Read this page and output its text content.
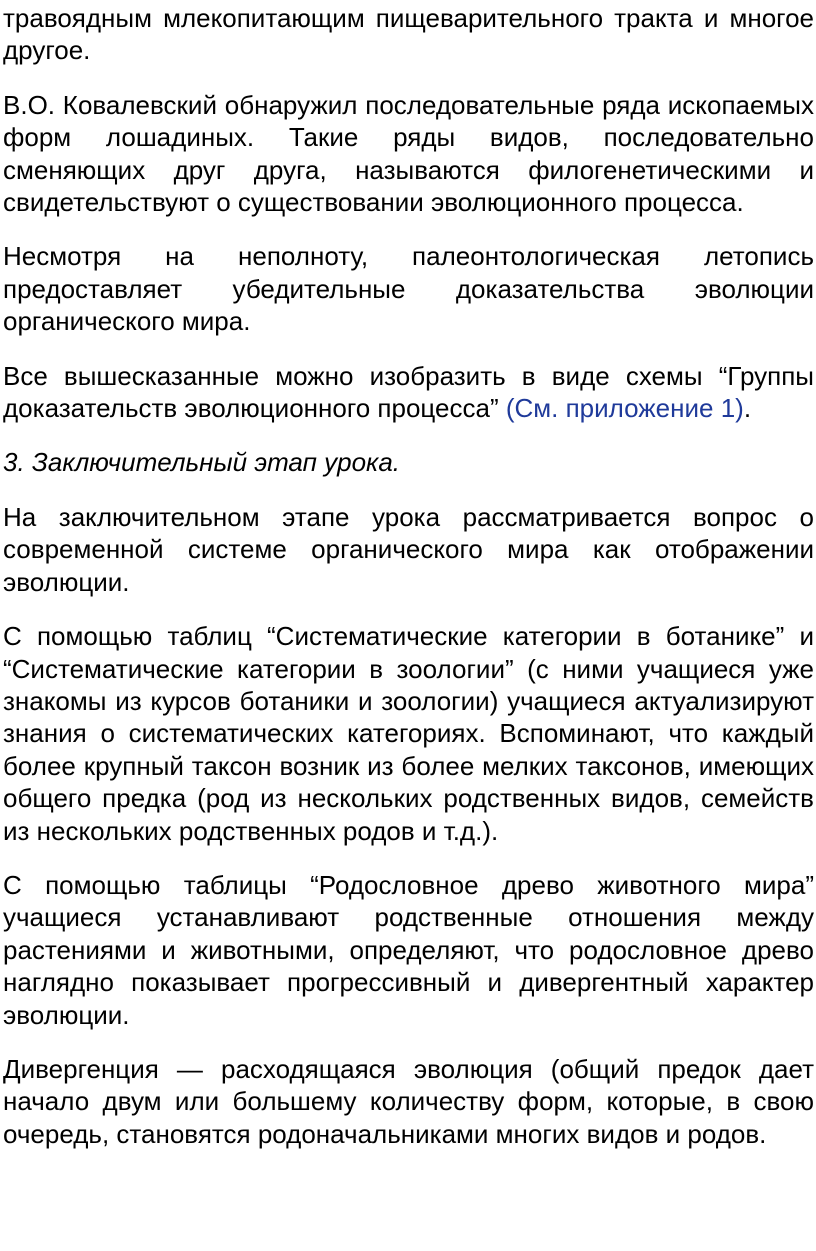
травоядным млекопитающим пищеварительного тракта и многое другое.

В.О. Ковалевский обнаружил последовательные ряда ископаемых форм лошадиных. Такие ряды видов, последовательно сменяющих друг друга, называются филогенетическими и свидетельствуют о существовании эволюционного процесса.

Несмотря на неполноту, палеонтологическая летопись предоставляет убедительные доказательства эволюции органического мира.

Все вышесказанные можно изобразить в виде схемы “Группы доказательств эволюционного процесса” (См. приложение 1).

3. Заключительный этап урока.

На заключительном этапе урока рассматривается вопрос о современной системе органического мира как отображении эволюции.

С помощью таблиц “Систематические категории в ботанике” и “Систематические категории в зоологии” (с ними учащиеся уже знакомы из курсов ботаники и зоологии) учащиеся актуализируют знания о систематических категориях. Вспоминают, что каждый более крупный таксон возник из более мелких таксонов, имеющих общего предка (род из нескольких родственных видов, семейств из нескольких родственных родов и т.д.).

С помощью таблицы “Родословное древо животного мира” учащиеся устанавливают родственные отношения между растениями и животными, определяют, что родословное древо наглядно показывает прогрессивный и дивергентный характер эволюции.

Дивергенция — расходящаяся эволюция (общий предок дает начало двум или большему количеству форм, которые, в свою очередь, становятся родоначальниками многих видов и родов.
